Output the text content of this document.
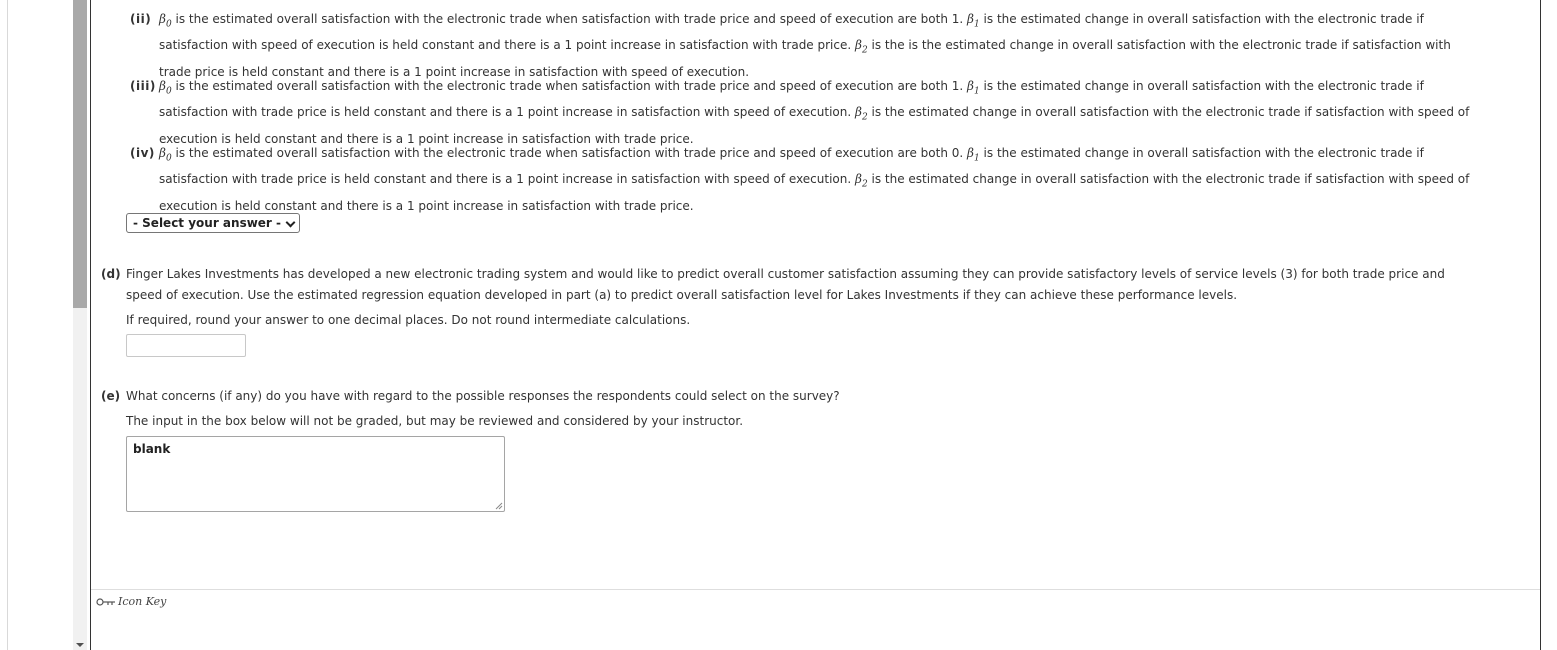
(ii) $\beta_0$ is the estimated overall satisfaction with the electronic trade when satisfaction with trade price and speed of execution are both 1. $\beta_1$ is the estimated change in overall satisfaction with the electronic trade if
satisfaction with speed of execution is held constant and there is a 1 point increase in satisfaction with trade price. $\beta_2$ is the is the estimated change in overall satisfaction with the electronic trade if satisfaction with
trade price is held constant and there is a 1 point increase in satisfaction with speed of execution.
(iii) $\beta_0$ is the estimated overall satisfaction with the electronic trade when satisfaction with trade price and speed of execution are both 1. $\beta_1$ is the estimated change in overall satisfaction with the electronic trade if
satisfaction with trade price is held constant and there is a 1 point increase in satisfaction with speed of execution. $\beta_2$ is the estimated change in overall satisfaction with the electronic trade if satisfaction with speed of
execution is held constant and there is a 1 point increase in satisfaction with trade price.
(iv) $\beta_0$ is the estimated overall satisfaction with the electronic trade when satisfaction with trade price and speed of execution are both 0. $\beta_1$ is the estimated change in overall satisfaction with the electronic trade if
satisfaction with trade price is held constant and there is a 1 point increase in satisfaction with speed of execution. $\beta_2$ is the estimated change in overall satisfaction with the electronic trade if satisfaction with speed of
execution is held constant and there is a 1 point increase in satisfaction with trade price.
- Select your answer -
(d) Finger Lakes Investments has developed a new electronic trading system and would like to predict overall customer satisfaction assuming they can provide satisfactory levels of service levels (3) for both trade price and
speed of execution. Use the estimated regression equation developed in part (a) to predict overall satisfaction level for Lakes Investments if they can achieve these performance levels.
If required, round your answer to one decimal places. Do not round intermediate calculations.
(e) What concerns (if any) do you have with regard to the possible responses the respondents could select on the survey?
The input in the box below will not be graded, but may be reviewed and considered by your instructor.
blank
Icon Key
